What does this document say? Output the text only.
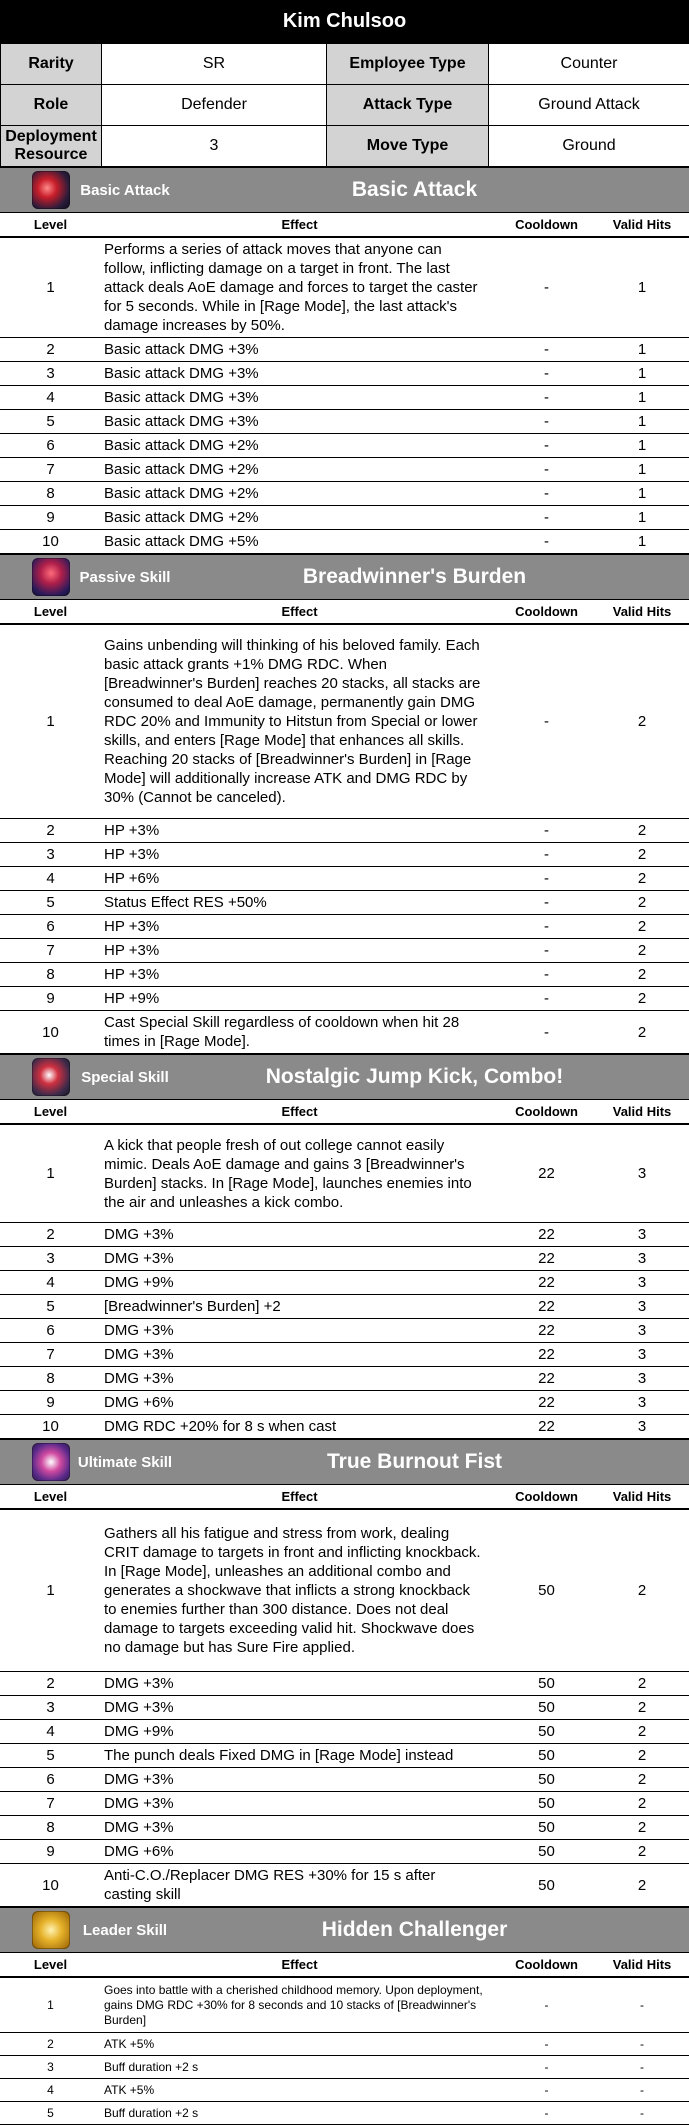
Kim Chulsoo
Rarity	SR	Employee Type	Counter
Role	Defender	Attack Type	Ground Attack
Deployment Resource	3	Move Type	Ground
Basic Attack	Basic Attack
Level	Effect	Cooldown	Valid Hits
1	Performs a series of attack moves that anyone can follow, inflicting damage on a target in front. The last attack deals AoE damage and forces to target the caster for 5 seconds. While in [Rage Mode], the last attack's damage increases by 50%.	-	1
2	Basic attack DMG +3%	-	1
3	Basic attack DMG +3%	-	1
4	Basic attack DMG +3%	-	1
5	Basic attack DMG +3%	-	1
6	Basic attack DMG +2%	-	1
7	Basic attack DMG +2%	-	1
8	Basic attack DMG +2%	-	1
9	Basic attack DMG +2%	-	1
10	Basic attack DMG +5%	-	1
Passive Skill	Breadwinner's Burden
Level	Effect	Cooldown	Valid Hits
1	Gains unbending will thinking of his beloved family. Each basic attack grants +1% DMG RDC. When [Breadwinner's Burden] reaches 20 stacks, all stacks are consumed to deal AoE damage, permanently gain DMG RDC 20% and Immunity to Hitstun from Special or lower skills, and enters [Rage Mode] that enhances all skills. Reaching 20 stacks of [Breadwinner's Burden] in [Rage Mode] will additionally increase ATK and DMG RDC by 30% (Cannot be canceled).	-	2
2	HP +3%	-	2
3	HP +3%	-	2
4	HP +6%	-	2
5	Status Effect RES +50%	-	2
6	HP +3%	-	2
7	HP +3%	-	2
8	HP +3%	-	2
9	HP +9%	-	2
10	Cast Special Skill regardless of cooldown when hit 28 times in [Rage Mode].	-	2
Special Skill	Nostalgic Jump Kick, Combo!
Level	Effect	Cooldown	Valid Hits
1	A kick that people fresh of out college cannot easily mimic. Deals AoE damage and gains 3 [Breadwinner's Burden] stacks. In [Rage Mode], launches enemies into the air and unleashes a kick combo.	22	3
2	DMG +3%	22	3
3	DMG +3%	22	3
4	DMG +9%	22	3
5	[Breadwinner's Burden] +2	22	3
6	DMG +3%	22	3
7	DMG +3%	22	3
8	DMG +3%	22	3
9	DMG +6%	22	3
10	DMG RDC +20% for 8 s when cast	22	3
Ultimate Skill	True Burnout Fist
Level	Effect	Cooldown	Valid Hits
1	Gathers all his fatigue and stress from work, dealing CRIT damage to targets in front and inflicting knockback. In [Rage Mode], unleashes an additional combo and generates a shockwave that inflicts a strong knockback to enemies further than 300 distance. Does not deal damage to targets exceeding valid hit. Shockwave does no damage but has Sure Fire applied.	50	2
2	DMG +3%	50	2
3	DMG +3%	50	2
4	DMG +9%	50	2
5	The punch deals Fixed DMG in [Rage Mode] instead	50	2
6	DMG +3%	50	2
7	DMG +3%	50	2
8	DMG +3%	50	2
9	DMG +6%	50	2
10	Anti-C.O./Replacer DMG RES +30% for 15 s after casting skill	50	2
Leader Skill	Hidden Challenger
Level	Effect	Cooldown	Valid Hits
1	Goes into battle with a cherished childhood memory. Upon deployment, gains DMG RDC +30% for 8 seconds and 10 stacks of [Breadwinner's Burden]	-	-
2	ATK +5%	-	-
3	Buff duration +2 s	-	-
4	ATK +5%	-	-
5	Buff duration +2 s	-	-
